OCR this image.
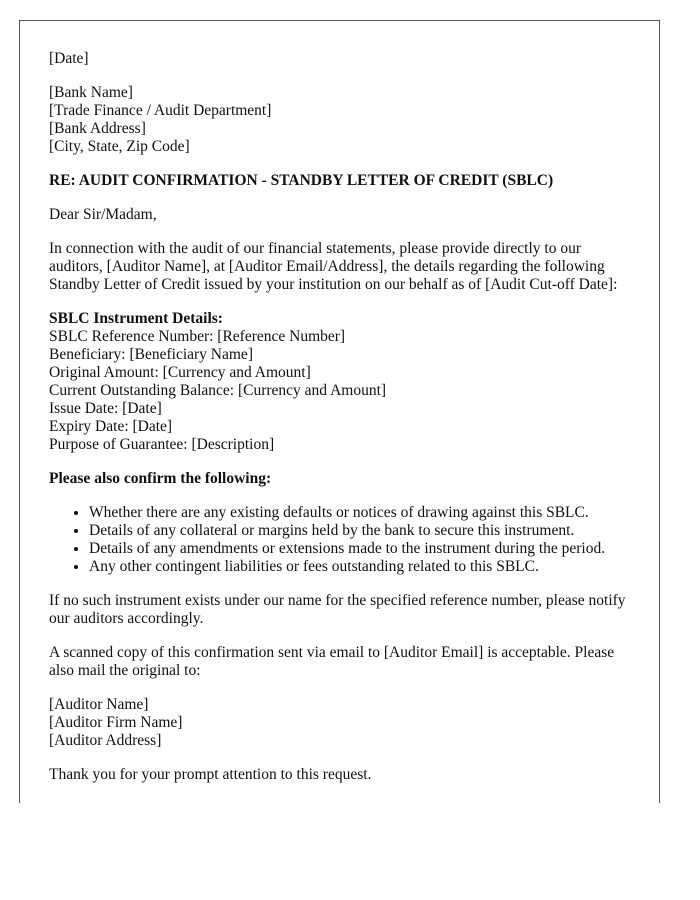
[Date]

[Bank Name]
[Trade Finance / Audit Department]
[Bank Address]
[City, State, Zip Code]

RE: AUDIT CONFIRMATION - STANDBY LETTER OF CREDIT (SBLC)

Dear Sir/Madam,

In connection with the audit of our financial statements, please provide directly to our auditors, [Auditor Name], at [Auditor Email/Address], the details regarding the following Standby Letter of Credit issued by your institution on our behalf as of [Audit Cut-off Date]:

SBLC Instrument Details:
SBLC Reference Number: [Reference Number]
Beneficiary: [Beneficiary Name]
Original Amount: [Currency and Amount]
Current Outstanding Balance: [Currency and Amount]
Issue Date: [Date]
Expiry Date: [Date]
Purpose of Guarantee: [Description]

Please also confirm the following:

• Whether there are any existing defaults or notices of drawing against this SBLC.
• Details of any collateral or margins held by the bank to secure this instrument.
• Details of any amendments or extensions made to the instrument during the period.
• Any other contingent liabilities or fees outstanding related to this SBLC.

If no such instrument exists under our name for the specified reference number, please notify our auditors accordingly.

A scanned copy of this confirmation sent via email to [Auditor Email] is acceptable. Please also mail the original to:

[Auditor Name]
[Auditor Firm Name]
[Auditor Address]

Thank you for your prompt attention to this request.
